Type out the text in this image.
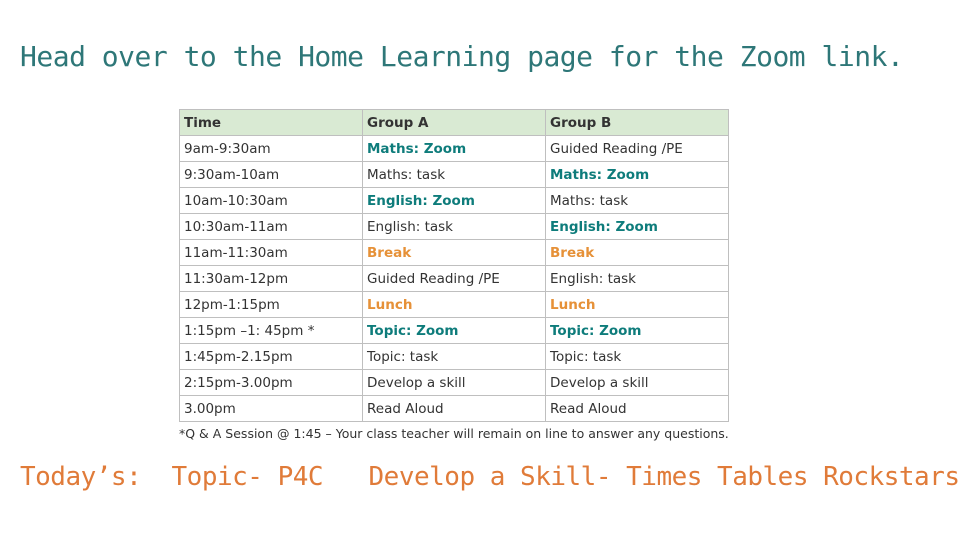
Head over to the Home Learning page for the Zoom link.
Time	Group A	Group B
9am-9:30am	Maths: Zoom	Guided Reading /PE
9:30am-10am	Maths: task	Maths: Zoom
10am-10:30am	English: Zoom	Maths: task
10:30am-11am	English: task	English: Zoom
11am-11:30am	Break	Break
11:30am-12pm	Guided Reading /PE	English: task
12pm-1:15pm	Lunch	Lunch
1:15pm –1: 45pm *	Topic: Zoom	Topic: Zoom
1:45pm-2.15pm	Topic: task	Topic: task
2:15pm-3.00pm	Develop a skill	Develop a skill
3.00pm	Read Aloud	Read Aloud
*Q & A Session @ 1:45 – Your class teacher will remain on line to answer any questions.
Today’s:  Topic- P4C   Develop a Skill- Times Tables Rockstars
